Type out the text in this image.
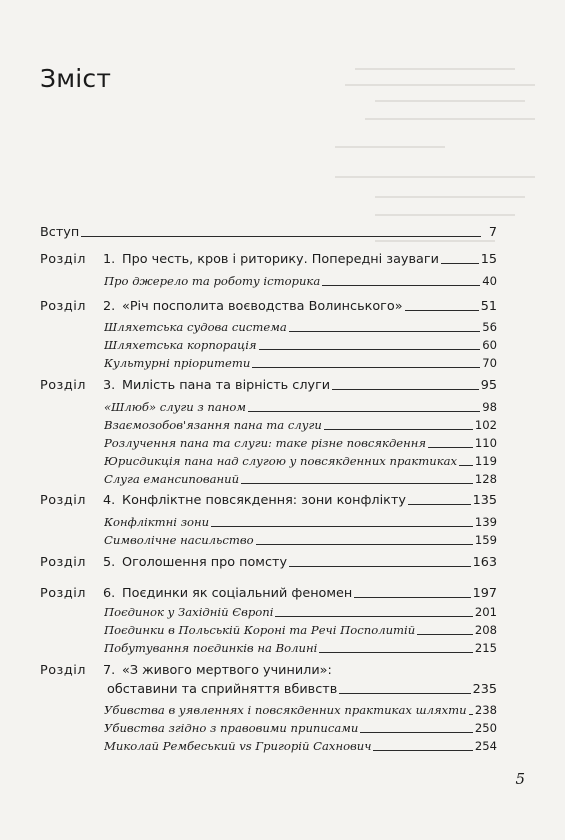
Зміст
Вступ	7
Розділ	1. Про честь, кров і риторику. Попередні зауваги	15
Про джерело та роботу історика	40
Розділ	2. «Річ посполита воєводства Волинського»	51
Шляхетська судова система	56
Шляхетська корпорація	60
Культурні пріоритети	70
Розділ	3. Милість пана та вірність слуги	95
«Шлюб» слуги з паном	98
Взаємозобов'язання пана та слуги	102
Розлучення пана та слуги: таке різне повсякдення	110
Юрисдикція пана над слугою у повсякденних практиках 119
Слуга емансипований	128
Розділ	4. Конфліктне повсякдення: зони конфлікту	135
Конфліктні зони	139
Символічне насильство	159
Розділ	5. Оголошення про помсту	163
Розділ	6. Поєдинки як соціальний феномен	197
Поєдинок у Західній Європі	201
Поєдинки в Польській Короні та Речі Посполитій	208
Побутування поєдинків на Волині	215
Розділ	7. «З живого мертвого учинили»:
обставини та сприйняття вбивств	235
Убивства в уявленнях і повсякденних практиках шляхти 238
Убивства згідно з правовими приписами	250
Миколай Рембеський vs Григорій Сахнович	254
5
